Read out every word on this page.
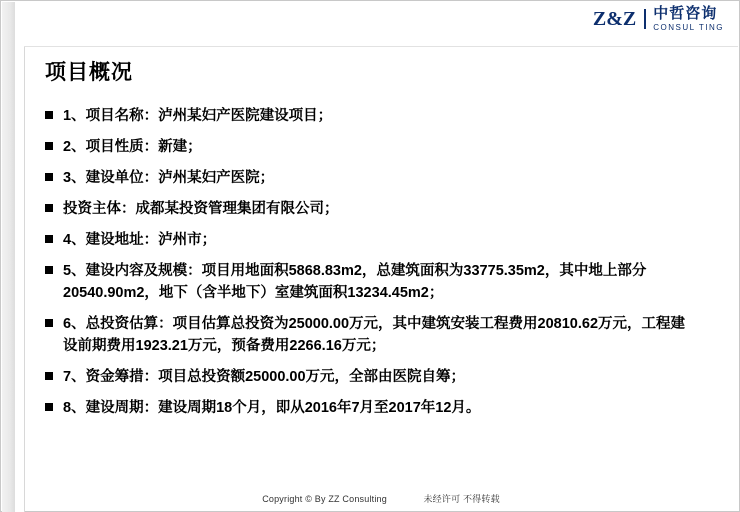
Z&Z	中哲咨询
CONSUL TING
项目概况
1、项目名称：泸州某妇产医院建设项目；
2、项目性质：新建；
3、建设单位：泸州某妇产医院；
投资主体：成都某投资管理集团有限公司；
4、建设地址：泸州市；
5、建设内容及规模：项目用地面积5868.83m2，总建筑面积为33775.35m2，其中地上部分20540.90m2，地下（含半地下）室建筑面积13234.45m2；
6、总投资估算：项目估算总投资为25000.00万元，其中建筑安装工程费用20810.62万元，工程建设前期费用1923.21万元，预备费用2266.16万元；
7、资金筹措：项目总投资额25000.00万元，全部由医院自筹；
8、建设周期：建设周期18个月，即从2016年7月至2017年12月。
Copyright © By ZZ Consulting	未经许可 不得转载
